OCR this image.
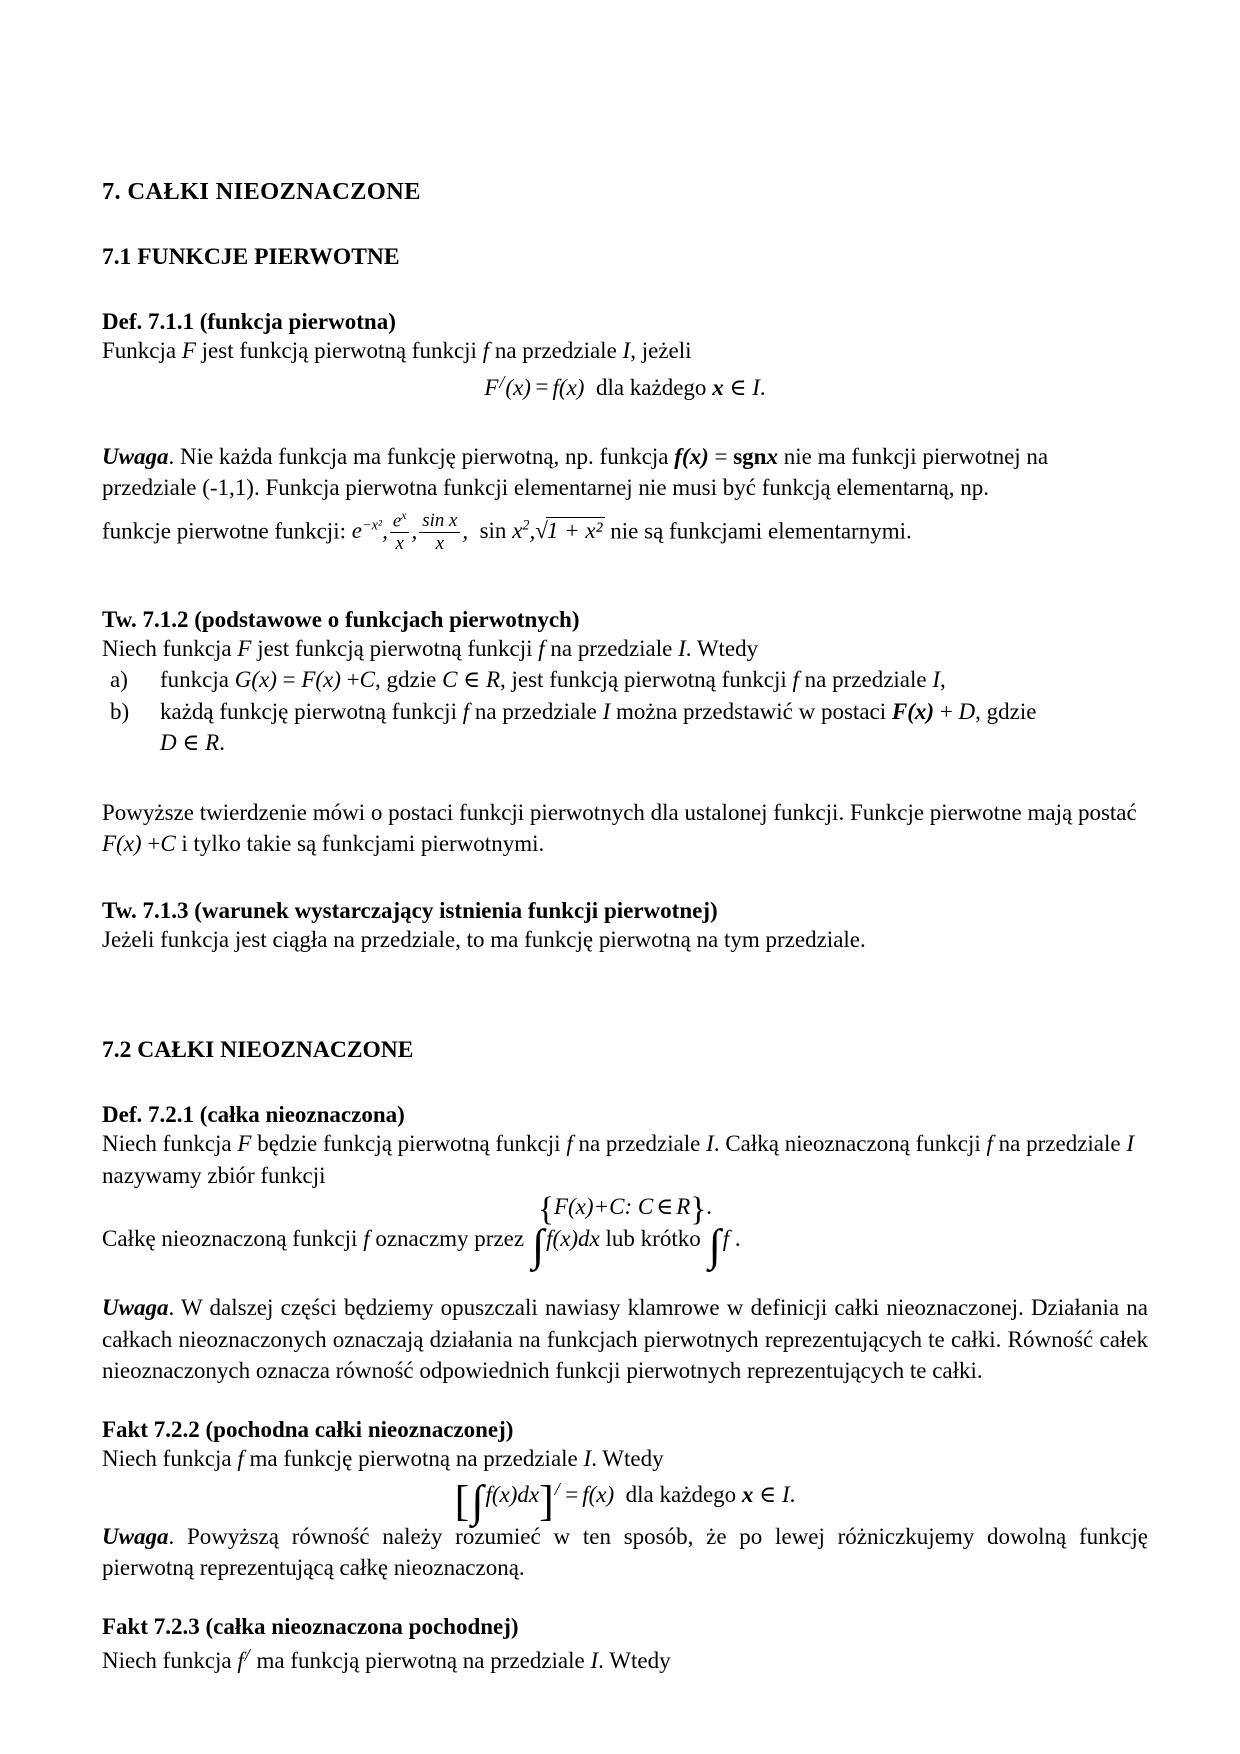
7. CAŁKI NIEOZNACZONE
7.1 FUNKCJE PIERWOTNE
Def. 7.1.1 (funkcja pierwotna)

Funkcja F jest funkcją pierwotną funkcji f na przedziale I, jeżeli

F/(x) = f(x) dla każdego x ∈ I.

Uwaga. Nie każda funkcja ma funkcję pierwotną, np. funkcja f(x) = sgnx nie ma funkcji pierwotnej na przedziale (-1,1). Funkcja pierwotna funkcji elementarnej nie musi być funkcją elementarną, np.

funkcje pierwotne funkcji: $e^{-x^2}$, $\frac{e^x}{x}$ , $\frac{\text{sin x}}{x}$ , $\sin x^2,√1 + x^2$ nie są funkcjami elementarnymi.

Tw. 7.1.2 (podstawowe o funkcjach pierwotnych)

Niech funkcja F jest funkcją pierwotną funkcji f na przedziale I. Wtedy

a) funkcja G(x) = F(x) +C, gdzie C ∈ R, jest funkcją pierwotną funkcji f na przedziale I,
b) każdą funkcję pierwotną funkcji f na przedziale I można przedstawić w postaci F(x) + D, gdzie
D ∈ R.

Powyższe twierdzenie mówi o postaci funkcji pierwotnych dla ustalonej funkcji. Funkcje pierwotne mają postać F(x) +C i tylko takie są funkcjami pierwotnymi.

Tw. 7.1.3 (warunek wystarczający istnienia funkcji pierwotnej)

Jeżeli funkcja jest ciągła na przedziale, to ma funkcję pierwotną na tym przedziale.

7.2 CAŁKI NIEOZNACZONE
Def. 7.2.1 (całka nieoznaczona)

Niech funkcja F będzie funkcją pierwotną funkcji f na przedziale I. Całką nieoznaczoną funkcji f na przedziale I nazywamy zbiór funkcji

{F(x)+C: C ∈ R}.

Całkę nieoznaczoną funkcji f oznaczmy przez ∫f(x)dx lub krótko ∫f .

Uwaga. W dalszej części będziemy opuszczali nawiasy klamrowe w definicji całki nieoznaczonej. Działania na całkach nieoznaczonych oznaczają działania na funkcjach pierwotnych reprezentujących te całki. Równość całek nieoznaczonych oznacza równość odpowiednich funkcji pierwotnych reprezentujących te całki.

Fakt 7.2.2 (pochodna całki nieoznaczonej)

Niech funkcja f ma funkcję pierwotną na przedziale I. Wtedy

[∫f(x)dx]/ = f(x) dla każdego x ∈ I.

Uwaga. Powyższą równość należy rozumieć w ten sposób, że po lewej różniczkujemy dowolną funkcję pierwotną reprezentującą całkę nieoznaczoną.

Fakt 7.2.3 (całka nieoznaczona pochodnej)

Niech funkcja f/ ma funkcją pierwotną na przedziale I. Wtedy
